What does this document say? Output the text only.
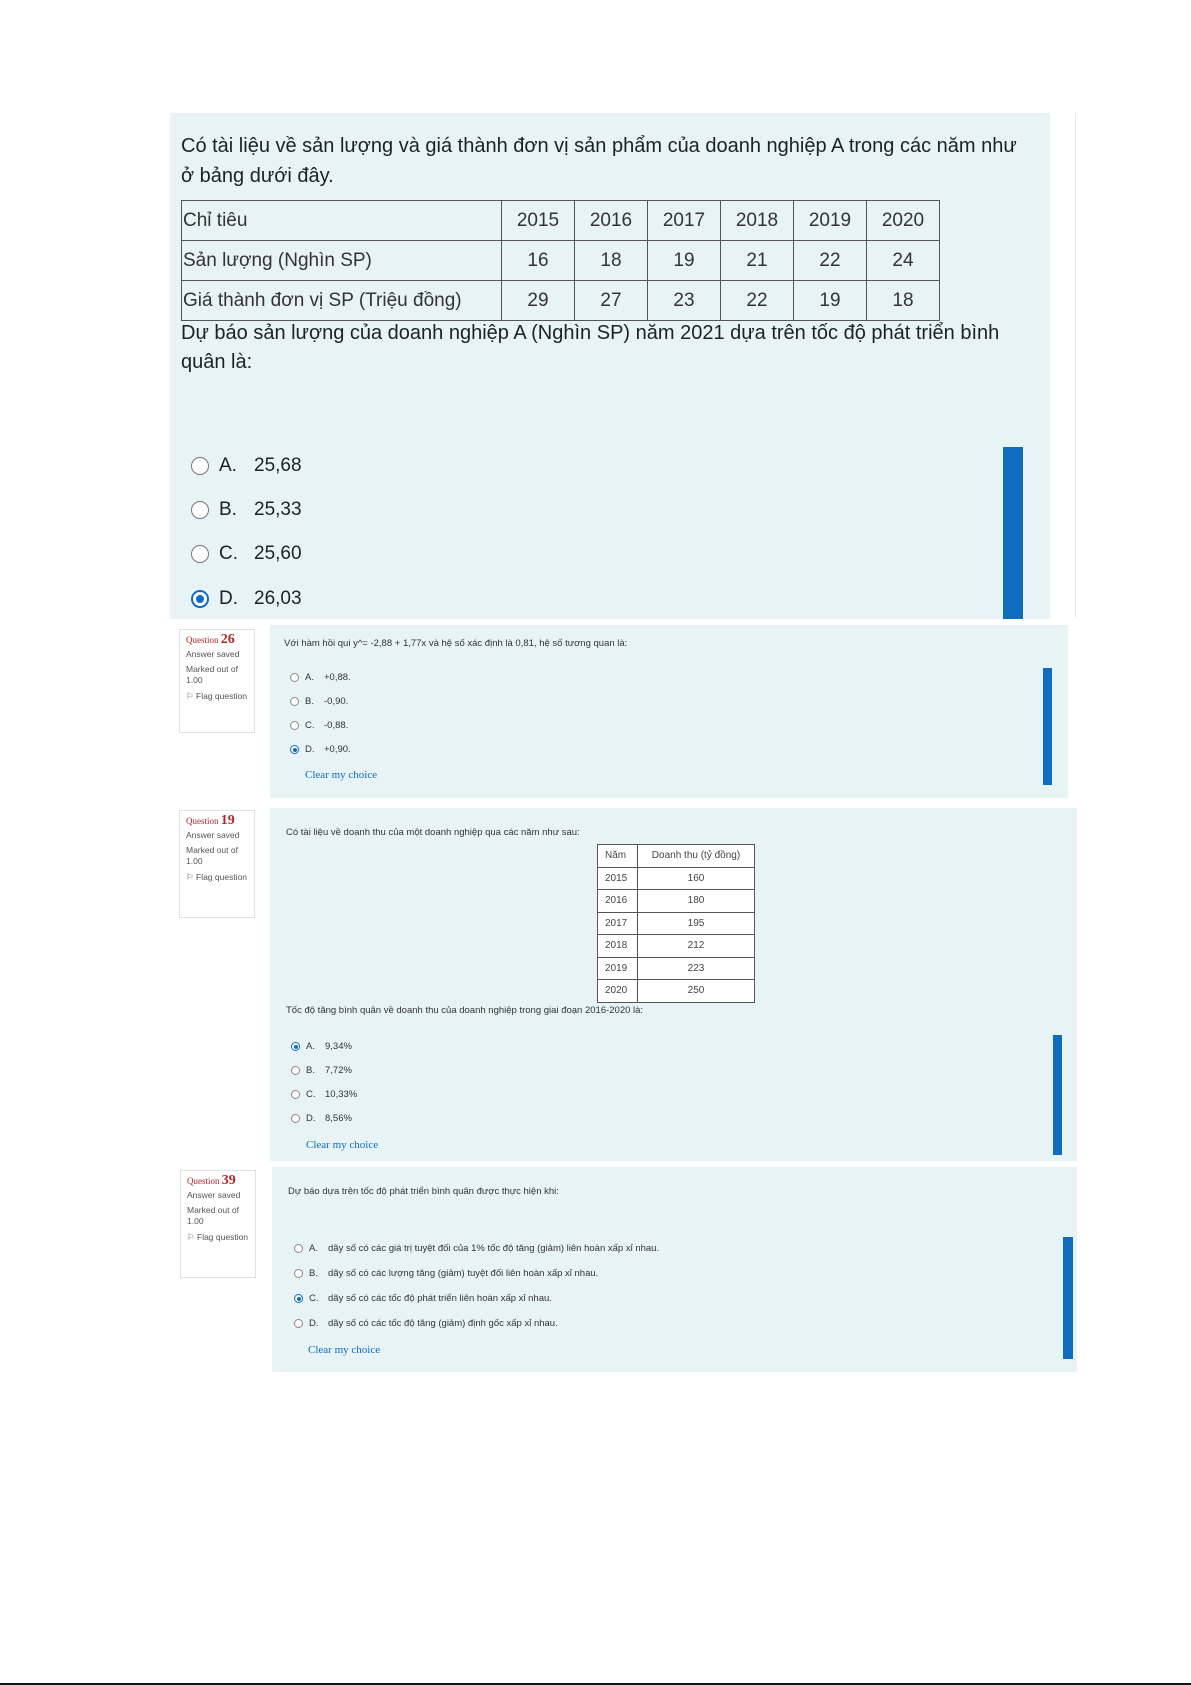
Có tài liệu về sản lượng và giá thành đơn vị sản phẩm của doanh nghiệp A trong các năm như ở bảng dưới đây.
Chỉ tiêu	2015	2016	2017	2018	2019	2020
Sản lượng (Nghìn SP)	16	18	19	21	22	24
Giá thành đơn vị SP (Triệu đồng)	29	27	23	22	19	18
Dự báo sản lượng của doanh nghiệp A (Nghìn SP) năm 2021 dựa trên tốc độ phát triển bình quân là:
A. 25,68
B. 25,33
C. 25,60
D. 26,03
Question 26
Answer saved
Marked out of 1.00
⚐ Flag question
Với hàm hồi qui y^= -2,88 + 1,77x và hệ số xác định là 0,81, hệ số tương quan là:
A.	+0,88.
B.	-0,90.
C.	-0,88.
D.	+0,90.
Clear my choice
Question 19
Answer saved
Marked out of 1.00
⚐ Flag question
Có tài liệu về doanh thu của một doanh nghiệp qua các năm như sau:
Năm	Doanh thu (tỷ đồng)
2015	160
2016	180
2017	195
2018	212
2019	223
2020	250
Tốc độ tăng bình quân về doanh thu của doanh nghiệp trong giai đoạn 2016-2020 là:
A.	9,34%
B.	7,72%
C.	10,33%
D.	8,56%
Clear my choice
Question 39
Answer saved
Marked out of 1.00
⚐ Flag question
Dự báo dựa trên tốc độ phát triển bình quân được thực hiện khi:
A.	dãy số có các giá trị tuyệt đối của 1% tốc độ tăng (giảm) liên hoàn xấp xỉ nhau.
B.	dãy số có các lượng tăng (giảm) tuyệt đối liên hoàn xấp xỉ nhau.
C.	dãy số có các tốc độ phát triển liên hoàn xấp xỉ nhau.
D.	dãy số có các tốc độ tăng (giảm) định gốc xấp xỉ nhau.
Clear my choice
